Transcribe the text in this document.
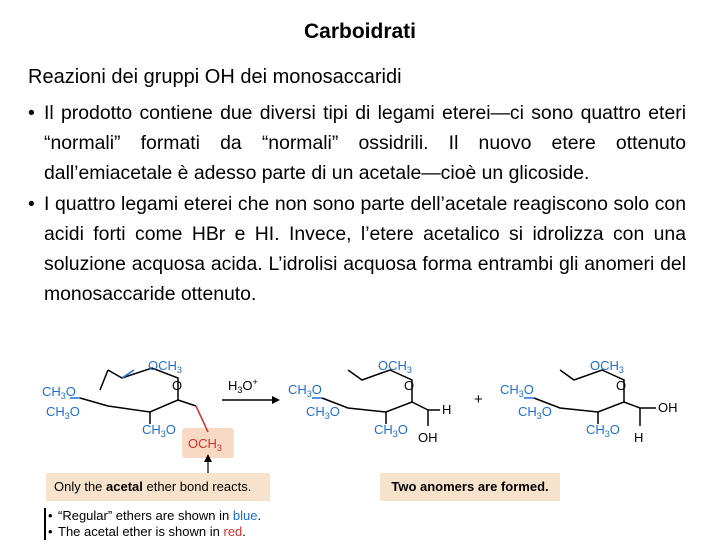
Carboidrati
Reazioni dei gruppi OH dei monosaccaridi
• Il prodotto contiene due diversi tipi di legami eterei—ci sono quattro eteri “normali” formati da “normali” ossidrili. Il nuovo etere ottenuto dall’emiacetale è adesso parte di un acetale—cioè un glicoside.
• I quattro legami eterei che non sono parte dell’acetale reagiscono solo con acidi forti come HBr e HI. Invece, l’etere acetalico si idrolizza con una soluzione acquosa acida. L’idrolisi acquosa forma entrambi gli anomeri del monosaccaride ottenuto.
$OCH_3$
O
$CH_3O$
$CH_3O$
$CH_3O$
$OCH_3$
$H_3O^+$
$OCH_3$
O
$CH_3O$
$CH_3O$
$CH_3O$
H
OH
+
$OCH_3$
O
$CH_3O$
$CH_3O$
$CH_3O$
OH
H
Only the acetal ether bond reacts.	Two anomers are formed.
• “Regular” ethers are shown in blue.
• The acetal ether is shown in red.
